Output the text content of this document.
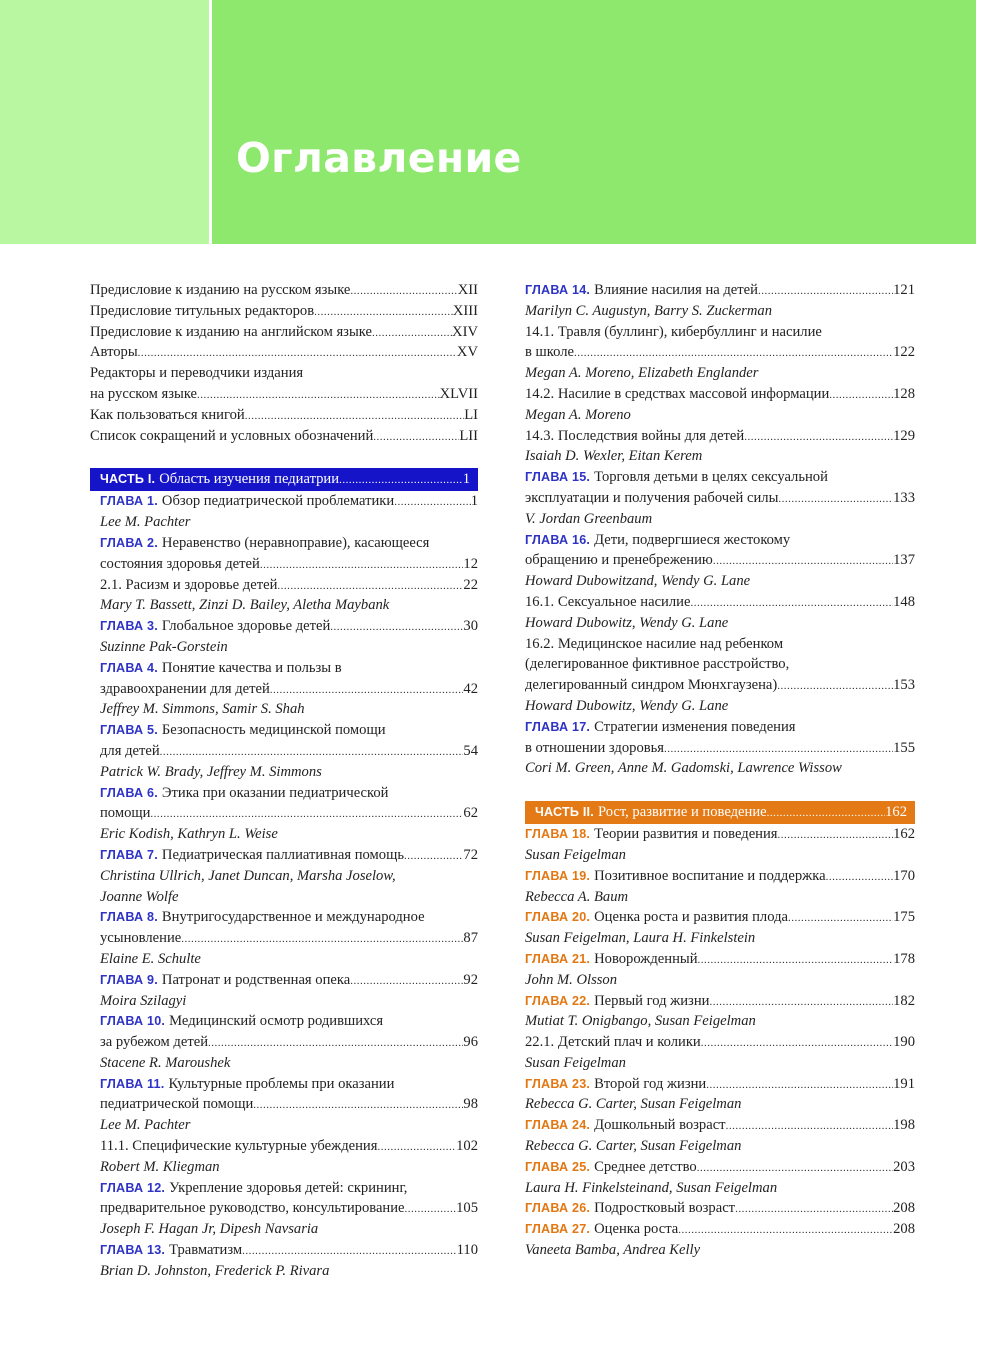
Оглавление
Предисловие к изданию на русском языке .....	XII
Предисловие титульных редакторов .....	XIII
Предисловие к изданию на английском языке .....	XIV
Авторы .....	XV
Редакторы и переводчики издания
на русском языке .....	XLVII
Как пользоваться книгой .....	LI
Список сокращений и условных обозначений .....	LII
ЧАСТЬ I. Область изучения педиатрии .....	1
ГЛАВА 1. Обзор педиатрической проблематики .....	1
Lee M. Pachter
ГЛАВА 2. Неравенство (неравноправие), касающееся
состояния здоровья детей .....	12
2.1. Расизм и здоровье детей .....	22
Mary T. Bassett, Zinzi D. Bailey, Aletha Maybank
ГЛАВА 3. Глобальное здоровье детей .....	30
Suzinne Pak-Gorstein
ГЛАВА 4. Понятие качества и пользы в
здравоохранении для детей .....	42
Jeffrey M. Simmons, Samir S. Shah
ГЛАВА 5. Безопасность медицинской помощи
для детей .....	54
Patrick W. Brady, Jeffrey M. Simmons
ГЛАВА 6. Этика при оказании педиатрической
помощи .....	62
Eric Kodish, Kathryn L. Weise
ГЛАВА 7. Педиатрическая паллиативная помощь .....	72
Christina Ullrich, Janet Duncan, Marsha Joselow,
Joanne Wolfe
ГЛАВА 8. Внутригосударственное и международное
усыновление .....	87
Elaine E. Schulte
ГЛАВА 9. Патронат и родственная опека .....	92
Moira Szilagyi
ГЛАВА 10. Медицинский осмотр родившихся
за рубежом детей .....	96
Stacene R. Maroushek
ГЛАВА 11. Культурные проблемы при оказании
педиатрической помощи .....	98
Lee M. Pachter
11.1. Специфические культурные убеждения .....	102
Robert M. Kliegman
ГЛАВА 12. Укрепление здоровья детей: скрининг,
предварительное руководство, консультирование .....	105
Joseph F. Hagan Jr, Dipesh Navsaria
ГЛАВА 13. Травматизм .....	110
Brian D. Johnston, Frederick P. Rivara
ГЛАВА 14. Влияние насилия на детей .....	121
Marilyn C. Augustyn, Barry S. Zuckerman
14.1. Травля (буллинг), кибербуллинг и насилие
в школе .....	122
Megan A. Moreno, Elizabeth Englander
14.2. Насилие в средствах массовой информации .....	128
Megan A. Moreno
14.3. Последствия войны для детей .....	129
Isaiah D. Wexler, Eitan Kerem
ГЛАВА 15. Торговля детьми в целях сексуальной
эксплуатации и получения рабочей силы .....	133
V. Jordan Greenbaum
ГЛАВА 16. Дети, подвергшиеся жестокому
обращению и пренебрежению .....	137
Howard Dubowitzand, Wendy G. Lane
16.1. Сексуальное насилие .....	148
Howard Dubowitz, Wendy G. Lane
16.2. Медицинское насилие над ребенком
(делегированное фиктивное расстройство,
делегированный синдром Мюнхгаузена) .....	153
Howard Dubowitz, Wendy G. Lane
ГЛАВА 17. Стратегии изменения поведения
в отношении здоровья .....	155
Cori M. Green, Anne M. Gadomski, Lawrence Wissow
ЧАСТЬ II. Рост, развитие и поведение .....	162
ГЛАВА 18. Теории развития и поведения .....	162
Susan Feigelman
ГЛАВА 19. Позитивное воспитание и поддержка .....	170
Rebecca A. Baum
ГЛАВА 20. Оценка роста и развития плода .....	175
Susan Feigelman, Laura H. Finkelstein
ГЛАВА 21. Новорожденный .....	178
John M. Olsson
ГЛАВА 22. Первый год жизни .....	182
Mutiat T. Onigbango, Susan Feigelman
22.1. Детский плач и колики .....	190
Susan Feigelman
ГЛАВА 23. Второй год жизни .....	191
Rebecca G. Carter, Susan Feigelman
ГЛАВА 24. Дошкольный возраст .....	198
Rebecca G. Carter, Susan Feigelman
ГЛАВА 25. Среднее детство .....	203
Laura H. Finkelsteinand, Susan Feigelman
ГЛАВА 26. Подростковый возраст .....	208
ГЛАВА 27. Оценка роста .....	208
Vaneeta Bamba, Andrea Kelly
